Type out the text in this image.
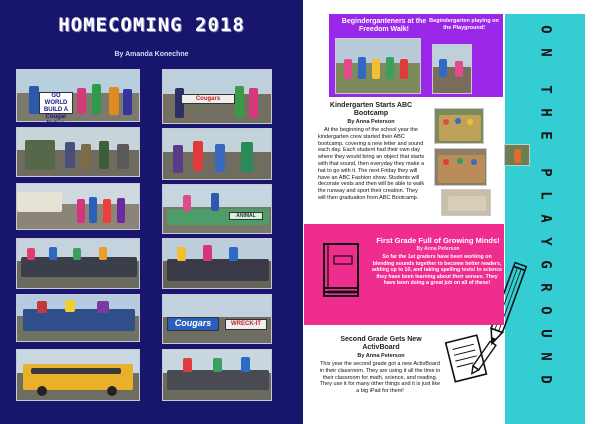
HOMECOMING 2018
By Amanda Konechne
GO WORLD BUILD A Cougar Nation
Cougars
ANIMAL
Cougars	WRECK-IT
Beginderganteners at the Freedom Walk!
Begindergarten playing on the Playground!	O
N
T
H
E
P
L
A
Y
G
R
O
U
N
D
Kindergarten Starts ABC Bootcamp
By Anna Peterson
At the beginning of the school year the kindergarten crew started their ABC bootcamp, covering a new letter and sound each day. Each student had their own day where they would bring an object that starts with that sound, then everyday they make a hat to go with it. The next Friday they will have an ABC Fashion show. Students will decorate vests and then will be able to walk the runway and sport their creation. They will then graduation from ABC Bootcamp.
First Grade Full of Growing Minds!
By Anna Peterson
So far the 1st graders have been working on blending sounds together to become better readers, adding up to 10, and taking spelling tests! In science they have been learning about their senses. They have been doing a great job on all of these!
Second Grade Gets New ActivBoard
By Anna Peterson
This year the second grade got a new ActivBoard in their classroom. They are using it all the time in their classroom for math, science, and reading. They use it for many other things and it is just like a big iPad for them!
